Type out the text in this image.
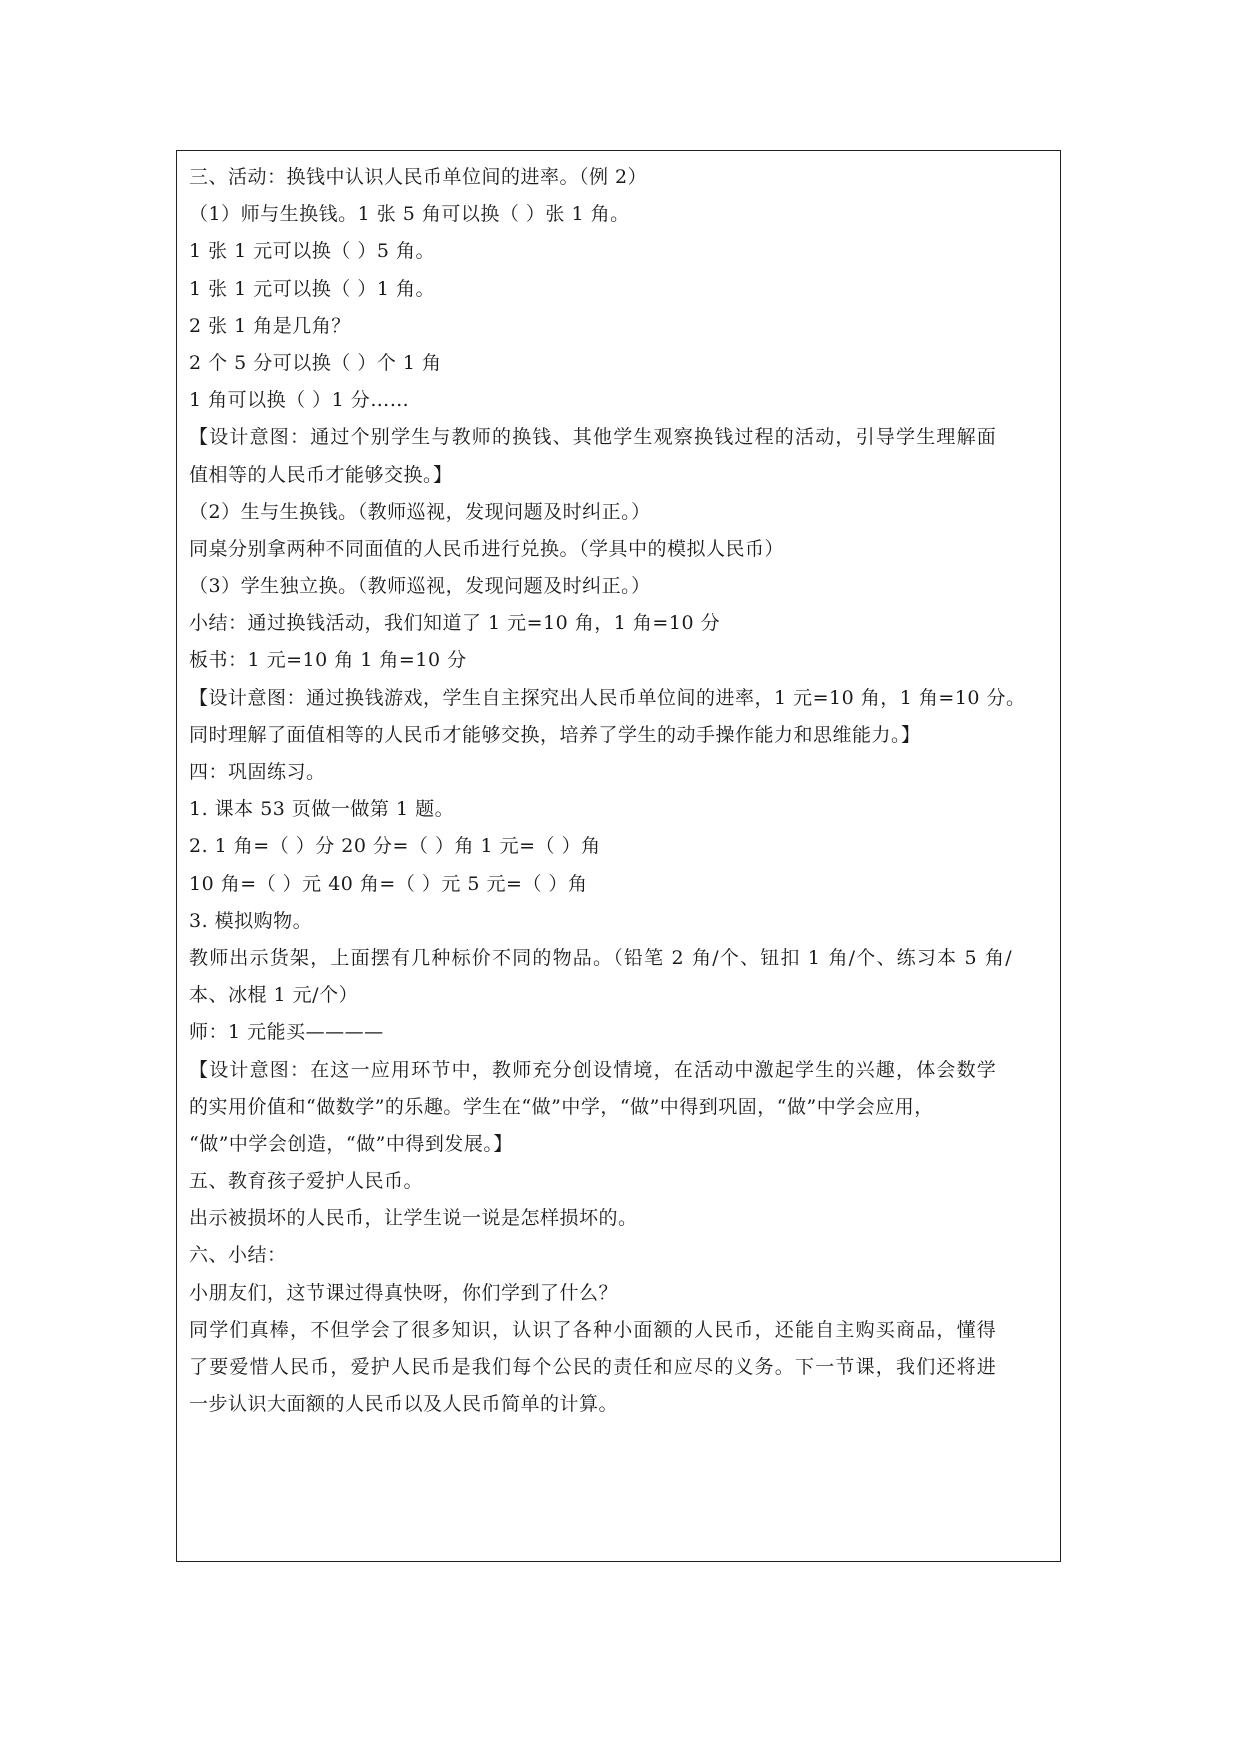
三、活动：换钱中认识人民币单位间的进率。（例 2）
（1）师与生换钱。1 张 5 角可以换（ ）张 1 角。
1 张 1 元可以换（ ）5 角。
1 张 1 元可以换（ ）1 角。
2 张 1 角是几角？
2 个 5 分可以换（ ）个 1 角
1 角可以换（ ）1 分……
【设计意图：通过个别学生与教师的换钱、其他学生观察换钱过程的活动，引导学生理解面
值相等的人民币才能够交换。】
（2）生与生换钱。（教师巡视，发现问题及时纠正。）
同桌分别拿两种不同面值的人民币进行兑换。（学具中的模拟人民币）
（3）学生独立换。（教师巡视，发现问题及时纠正。）
小结：通过换钱活动，我们知道了 1 元=10 角，1 角=10 分
板书：1 元=10 角 1 角=10 分
【设计意图：通过换钱游戏，学生自主探究出人民币单位间的进率，1 元=10 角，1 角=10 分。
同时理解了面值相等的人民币才能够交换，培养了学生的动手操作能力和思维能力。】
四：巩固练习。
1. 课本 53 页做一做第 1 题。
2. 1 角=（ ）分 20 分=（ ）角 1 元=（ ）角
10 角=（ ）元 40 角=（ ）元 5 元=（ ）角
3. 模拟购物。
教师出示货架，上面摆有几种标价不同的物品。（铅笔 2 角/个、钮扣 1 角/个、练习本 5 角/
本、冰棍 1 元/个）
师：1 元能买————
【设计意图：在这一应用环节中，教师充分创设情境，在活动中激起学生的兴趣，体会数学
的实用价值和“做数学”的乐趣。学生在“做”中学，“做”中得到巩固，“做”中学会应用，
“做”中学会创造，“做”中得到发展。】
五、教育孩子爱护人民币。
出示被损坏的人民币，让学生说一说是怎样损坏的。
六、小结：
小朋友们，这节课过得真快呀，你们学到了什么？
同学们真棒，不但学会了很多知识，认识了各种小面额的人民币，还能自主购买商品，懂得
了要爱惜人民币，爱护人民币是我们每个公民的责任和应尽的义务。下一节课，我们还将进
一步认识大面额的人民币以及人民币简单的计算。
